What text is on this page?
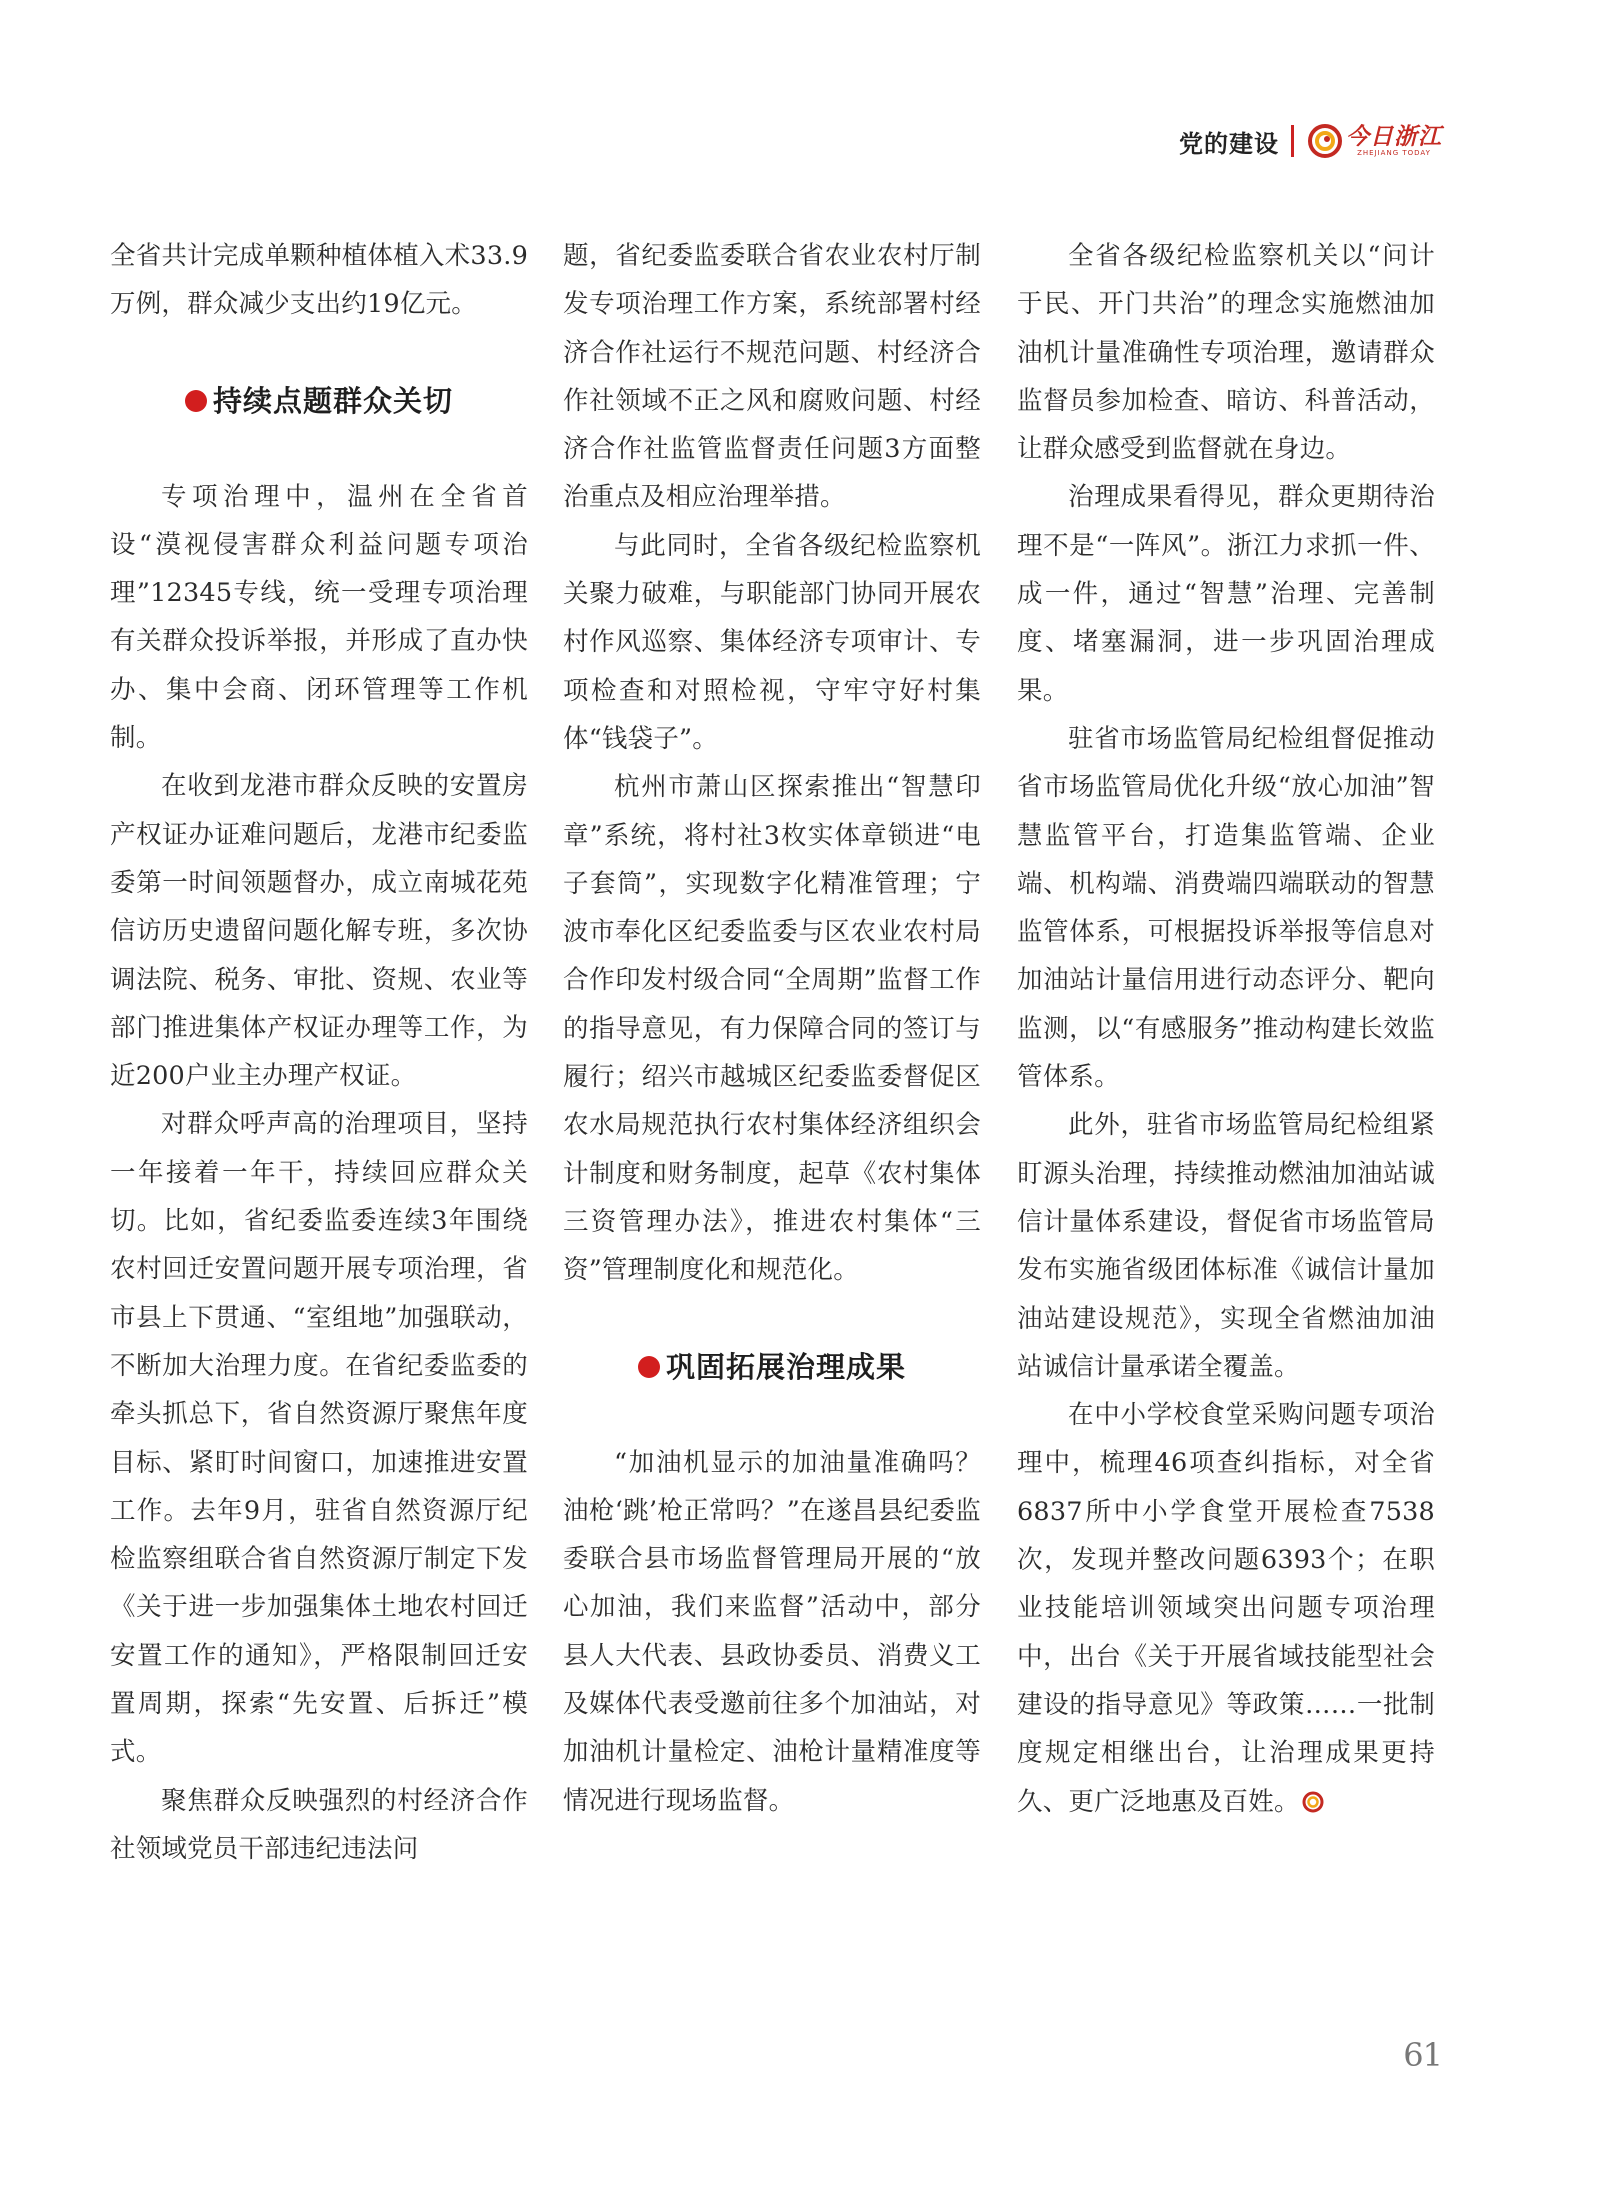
党的建设	今日浙江
ZHEJIANG TODAY

全省共计完成单颗种植体植入术33.9万例，群众减少支出约19亿元。

持续点题群众关切

专项治理中，温州在全省首设“漠视侵害群众利益问题专项治理”12345专线，统一受理专项治理有关群众投诉举报，并形成了直办快办、集中会商、闭环管理等工作机制。

在收到龙港市群众反映的安置房产权证办证难问题后，龙港市纪委监委第一时间领题督办，成立南城花苑信访历史遗留问题化解专班，多次协调法院、税务、审批、资规、农业等部门推进集体产权证办理等工作，为近200户业主办理产权证。

对群众呼声高的治理项目，坚持一年接着一年干，持续回应群众关切。比如，省纪委监委连续3年围绕农村回迁安置问题开展专项治理，省市县上下贯通、“室组地”加强联动，不断加大治理力度。在省纪委监委的牵头抓总下，省自然资源厅聚焦年度目标、紧盯时间窗口，加速推进安置工作。去年9月，驻省自然资源厅纪检监察组联合省自然资源厅制定下发《关于进一步加强集体土地农村回迁安置工作的通知》，严格限制回迁安置周期，探索“先安置、后拆迁”模式。

聚焦群众反映强烈的村经济合作社领域党员干部违纪违法问

题，省纪委监委联合省农业农村厅制发专项治理工作方案，系统部署村经济合作社运行不规范问题、村经济合作社领域不正之风和腐败问题、村经济合作社监管监督责任问题3方面整治重点及相应治理举措。

与此同时，全省各级纪检监察机关聚力破难，与职能部门协同开展农村作风巡察、集体经济专项审计、专项检查和对照检视，守牢守好村集体“钱袋子”。

杭州市萧山区探索推出“智慧印章”系统，将村社3枚实体章锁进“电子套筒”，实现数字化精准管理；宁波市奉化区纪委监委与区农业农村局合作印发村级合同“全周期”监督工作的指导意见，有力保障合同的签订与履行；绍兴市越城区纪委监委督促区农水局规范执行农村集体经济组织会计制度和财务制度，起草《农村集体三资管理办法》，推进农村集体“三资”管理制度化和规范化。

巩固拓展治理成果

“加油机显示的加油量准确吗？油枪‘跳’枪正常吗？”在遂昌县纪委监委联合县市场监督管理局开展的“放心加油，我们来监督”活动中，部分县人大代表、县政协委员、消费义工及媒体代表受邀前往多个加油站，对加油机计量检定、油枪计量精准度等情况进行现场监督。

全省各级纪检监察机关以“问计于民、开门共治”的理念实施燃油加油机计量准确性专项治理，邀请群众监督员参加检查、暗访、科普活动，让群众感受到监督就在身边。

治理成果看得见，群众更期待治理不是“一阵风”。浙江力求抓一件、成一件，通过“智慧”治理、完善制度、堵塞漏洞，进一步巩固治理成果。

驻省市场监管局纪检组督促推动省市场监管局优化升级“放心加油”智慧监管平台，打造集监管端、企业端、机构端、消费端四端联动的智慧监管体系，可根据投诉举报等信息对加油站计量信用进行动态评分、靶向监测，以“有感服务”推动构建长效监管体系。

此外，驻省市场监管局纪检组紧盯源头治理，持续推动燃油加油站诚信计量体系建设，督促省市场监管局发布实施省级团体标准《诚信计量加油站建设规范》，实现全省燃油加油站诚信计量承诺全覆盖。

在中小学校食堂采购问题专项治理中，梳理46项查纠指标，对全省6837所中小学食堂开展检查7538次，发现并整改问题6393个；在职业技能培训领域突出问题专项治理中，出台《关于开展省域技能型社会建设的指导意见》等政策……一批制度规定相继出台，让治理成果更持久、更广泛地惠及百姓。

61
